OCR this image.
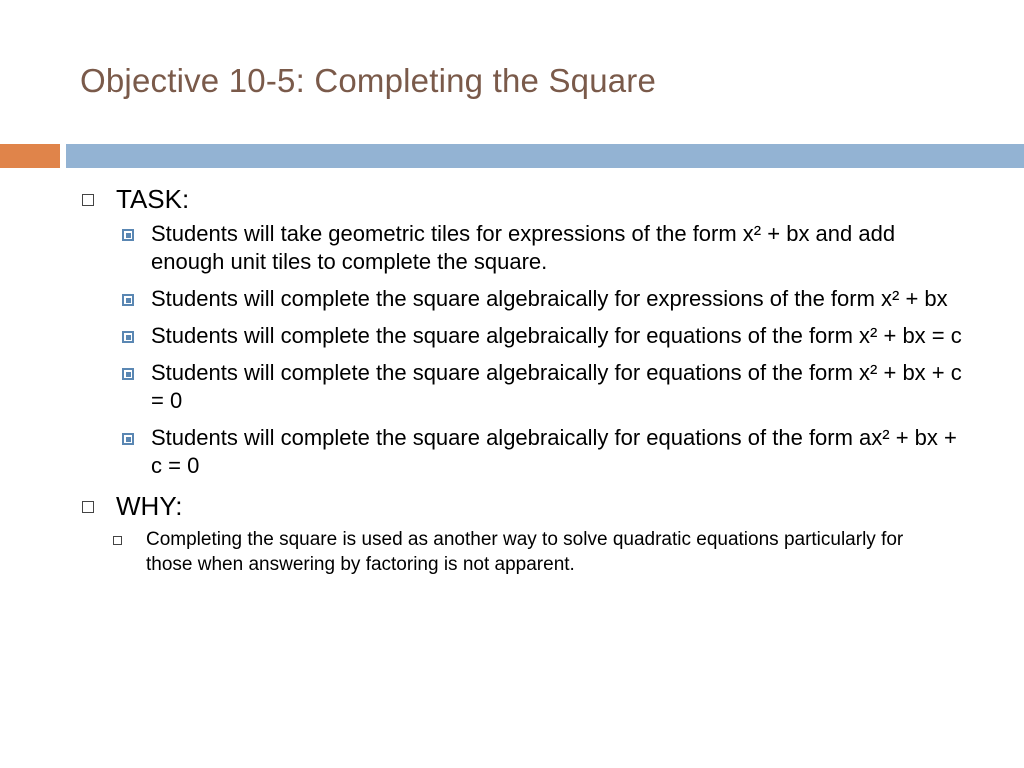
Objective 10-5: Completing the Square
TASK:
Students will take geometric tiles for expressions of the form x² + bx and add enough unit tiles to complete the square.
Students will complete the square algebraically for expressions of the form x² + bx
Students will complete the square algebraically for equations of the form x² + bx = c
Students will complete the square algebraically for equations of the form x² + bx + c = 0
Students will complete the square algebraically for equations of the form ax² + bx + c = 0
WHY:
Completing the square is used as another way to solve quadratic equations particularly for those when answering by factoring is not apparent.
